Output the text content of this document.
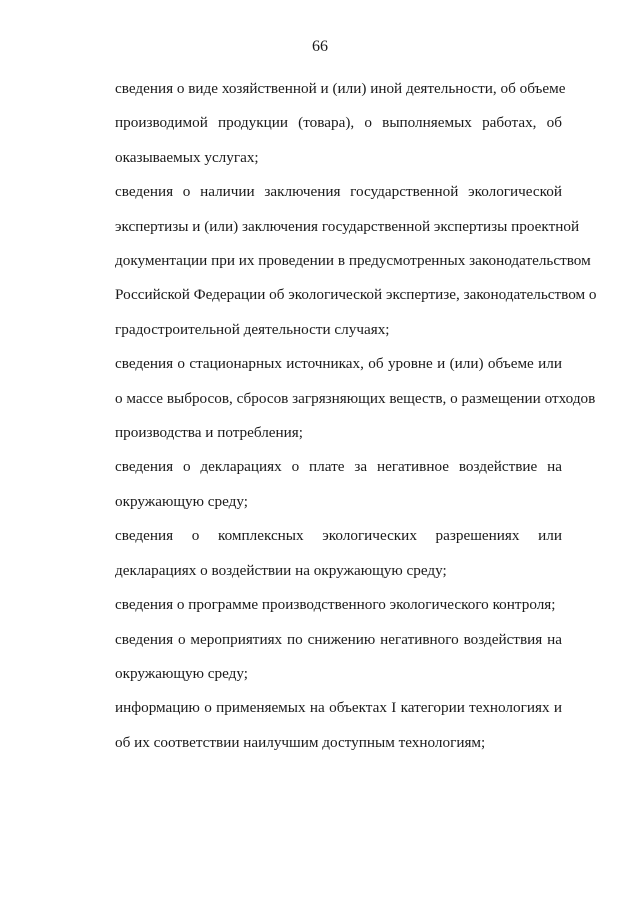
66

сведения о виде хозяйственной и (или) иной деятельности, об объеме
производимой продукции (товара), о выполняемых работах, об
оказываемых услугах;

сведения о наличии заключения государственной экологической
экспертизы и (или) заключения государственной экспертизы проектной
документации при их проведении в предусмотренных законодательством
Российской Федерации об экологической экспертизе, законодательством о
градостроительной деятельности случаях;

сведения о стационарных источниках, об уровне и (или) объеме или
о массе выбросов, сбросов загрязняющих веществ, о размещении отходов
производства и потребления;

сведения о декларациях о плате за негативное воздействие на
окружающую среду;

сведения о комплексных экологических разрешениях или
декларациях о воздействии на окружающую среду;

сведения о программе производственного экологического контроля;

сведения о мероприятиях по снижению негативного воздействия на
окружающую среду;

информацию о применяемых на объектах I категории технологиях и
об их соответствии наилучшим доступным технологиям;
